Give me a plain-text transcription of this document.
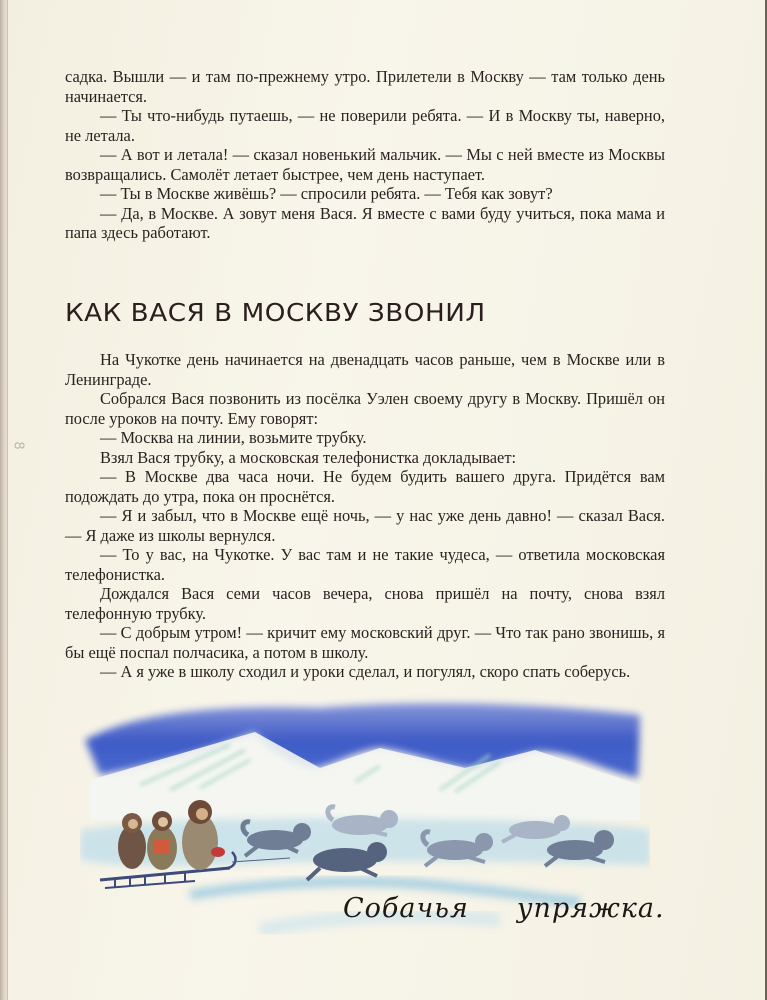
8

садка. Вышли — и там по-прежнему утро. Прилетели в Москву — там только день начинается.

— Ты что-нибудь путаешь, — не поверили ребята. — И в Москву ты, наверно, не летала.

— А вот и летала! — сказал новенький мальчик. — Мы с ней вместе из Москвы возвращались. Самолёт летает быстрее, чем день наступает.

— Ты в Москве живёшь? — спросили ребята. — Тебя как зовут?

— Да, в Москве. А зовут меня Вася. Я вместе с вами буду учиться, пока мама и папа здесь работают.

КАК ВАСЯ В МОСКВУ ЗВОНИЛ

На Чукотке день начинается на двенадцать часов раньше, чем в Москве или в Ленинграде.

Собрался Вася позвонить из посёлка Уэлен своему другу в Москву. Пришёл он после уроков на почту. Ему говорят:

— Москва на линии, возьмите трубку.

Взял Вася трубку, а московская телефонистка докладывает:

— В Москве два часа ночи. Не будем будить вашего друга. Придётся вам подождать до утра, пока он проснётся.

— Я и забыл, что в Москве ещё ночь, — у нас уже день давно! — сказал Вася. — Я даже из школы вернулся.

— То у вас, на Чукотке. У вас там и не такие чудеса, — ответила московская телефонистка.

Дождался Вася семи часов вечера, снова пришёл на почту, снова взял телефонную трубку.

— С добрым утром! — кричит ему московский друг. — Что так рано звонишь, я бы ещё поспал полчасика, а потом в школу.

— А я уже в школу сходил и уроки сделал, и погулял, скоро спать соберусь.

Собачья упряжка.
